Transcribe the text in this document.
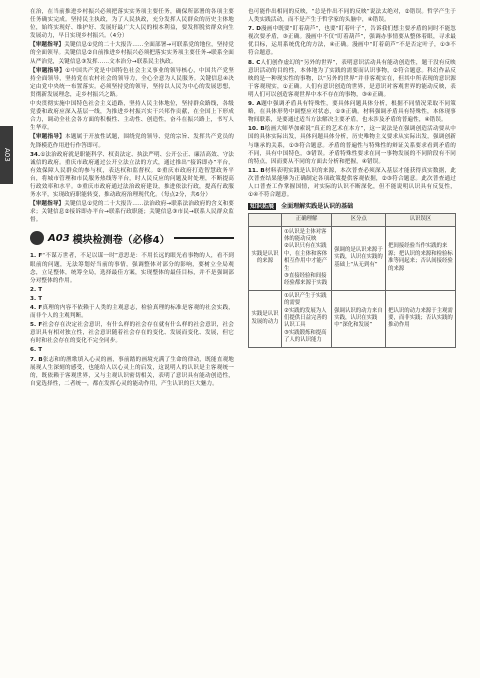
A03

在治，在当前推进乡村振兴必须把落实实务项主要任务，确保所部署的各项主要任务确实完成。坚持民主执政，为了人民执政，充分发挥人民群众的历史主体地位，始终实现好、维护好、发展好最广大人民的根本利益，要发挥脱贫群众向生发展动力，早日实现乡村振兴。（4分）

【审题指导】关键信息①党的二十大报告……全面部署→可联系党的地位，坚持党的全面领导。关键信息②自前推进乡村振兴必须把落实实务项主要任务→联系全面从严治党，关键信息③发挥……文本治分→联系民主执政。

【审题指导】①中国共产党是中国特色社会主义事业的领导核心，中国共产党坚持全面领导，坚持党在农村社会的领导力，全心全意为人民服务。关键信息④决定由党中央统一布置落实。必须坚持党的领导，坚持以人民为中心的发展思想，贯彻新发展理念，走乡村振兴之路。

中央贯彻实施中国特色社会主义道路，坚持人民主体地位，坚持群众路线，各级党委和政府应深入基层一线，为推进乡村振兴实干兴邦作贡献，在全国上下形成合力，调动全社会各方面的积极性、主动性、创造性，奋斗在振兴路上，书写人生华章。

【审题指导】本题属于开放性试题，围绕党的领导、党的宗旨、发挥共产党员的先锋模范作用进行作答即可。

34.①法治政府就是职能科学、权责法定、执法严明、公开公正、廉洁高效、守法诚信的政府。重庆市政府通过公开立法立法的方式，通过推出“接诉即办”平台，有效保障人民群众的参与权，表达权和监督权。②重庆市政府打造智慧政务平台，将城市管理和市民服务热线等平台，时人民反应的问题及时处理，不断提高行政效率和水平。③重庆市政府通过法治政府建设，推进依法行政，提高行政服务水平，实现政府职能转变，推动政府治理现代化。（每点2分，共6分）

【审题指导】关键信息①党的二十大报告……法治政府→联系法治政府的含义和要求；关键信息②接诉即办平台→联系行政职能；关键信息③市民→联系人民群众监督。

A03 模块检测卷（必修4）

1. F“不谋万世者，不足以谋一时”意思是：不用长远的眼光看事物的人，看不到眼前的问题，无法筹划好当前的事情，强调整体对部分的影响，要树立全局观念，立足整体，统筹全局，选择最佳方案，实现整体的最佳目标，并不是强调部分对整体的作用。

2. T

3. T

4. F真理的内容不依赖于人类的主观意志，检验真理的标准是客观的社会实践，而非个人的主观判断。

5. F社会存在决定社会意识，有什么样的社会存在就有什么样的社会意识，社会意识具有相对独立性，社会意识随着社会存在的变化、发展而变化、发展，但它有时和社会存在的变化不完全同步。

6. T

7. B张志和的渔歌填入心灵的画，事前踏的画境充满了生命的律动，既能直观地展现人生深刻的感受，也能给人以心灵上的启发，这说明人的认识是主客观统一的，既依赖于客观世界，又与主观认识密切相关，表明了意识具有能动创造性，自觉选择性，二者统一，都在发挥心灵的能动作用，产生认识的巨大魅力。

也可能作出相同的反映，“总是作出不同的反映”说法太绝对，②错误。哲学产生于人类实践活动，而不是产生于哲学家的头脑中，④错误。

7. D漫画中既要“盯着葫芦”，也要“盯着叶子”，告诉我们想主要矛盾的同时不能忽视次要矛盾，③正确。漫画中不仅“盯着葫芦”，强调办事情要从整体着眼，寻求最优目标，运用系统优化的方法，④正确。漫画中“盯着葫芦”不是否定叶子，①③不符合题意。

8. C人们创作虚幻的“另外的世界”，表明意识活动具有能动创造性，题干没有反映意识活动的目的性，本体地为了实践的需要而认识事物，②符合题意。科幻作品反映的是一种现实性的事物，以“另外的世界”并非客观实在，但其中所表现的意识源于客观现实，①正确。人们有意识创造的世界，是意识对客观世界的能动反映，表明人们可以创造客观世界中本不存在的事物，③④正确。

9. A题中强调矛盾具有特殊性，要具体问题具体分析，根据不同情况采取不同策略，在具体形势中调整应对状态，①③正确。材料强调矛盾具有特殊性，本体现事物间联系，是要通过适当方法解决主要矛盾，也未涉及矛盾的普遍性，④错误。

10. B绘画大师毕加索说“真正的艺术在本方”，这一说法是在强调创造活动要从中国的具体实际出发，具体问题具体分析，历史唯物主义要求从实际出发，强调创新与继承的关系，①③符合题意。矛盾的普遍性与特殊性的辩证关系要求看到矛盾的不同，具有中国特色，③错误。矛盾特殊性要求在同一事物发展的不同阶段有不同的特点，因而要从不同的方面去分析和把握，④错误。

11. B材料表明实践是认识的来源，本次普查必须深入基层才能获得真实数据，此次普查结果能够为正确制定各项政策提供客观依据，②③符合题意。此次普查通过人口普查工作掌握国情，对实际的认识不断深化，但不能说明认识具有反复性，①④不符合题意。

知识拓展 全面理解实践是认识的基础
	正确理解	区分点	认识误区
实践是认识的来源	①认识是主体对客体的能动反映
②认识只有在实践中，在主体和客体相互作用中才能产生
③直接经验和间接经验都来源于实践	强调的是认识来源于实践，认识在实践的基础上“从无到有”	把间接经验当作实践的来源；把认识的来源和检验标准等同起来；否认间接经验的来源
实践是认识发展的动力	①认识产生于实践的需要
②实践的发展为人们提供日益完善的认识工具
③实践锻炼和提高了人的认识能力	强调认识的动力来自实践，认识在实践中“深化和发展”	把认识的动力来源于主观需要，而非实践；否认实践的推动作用
